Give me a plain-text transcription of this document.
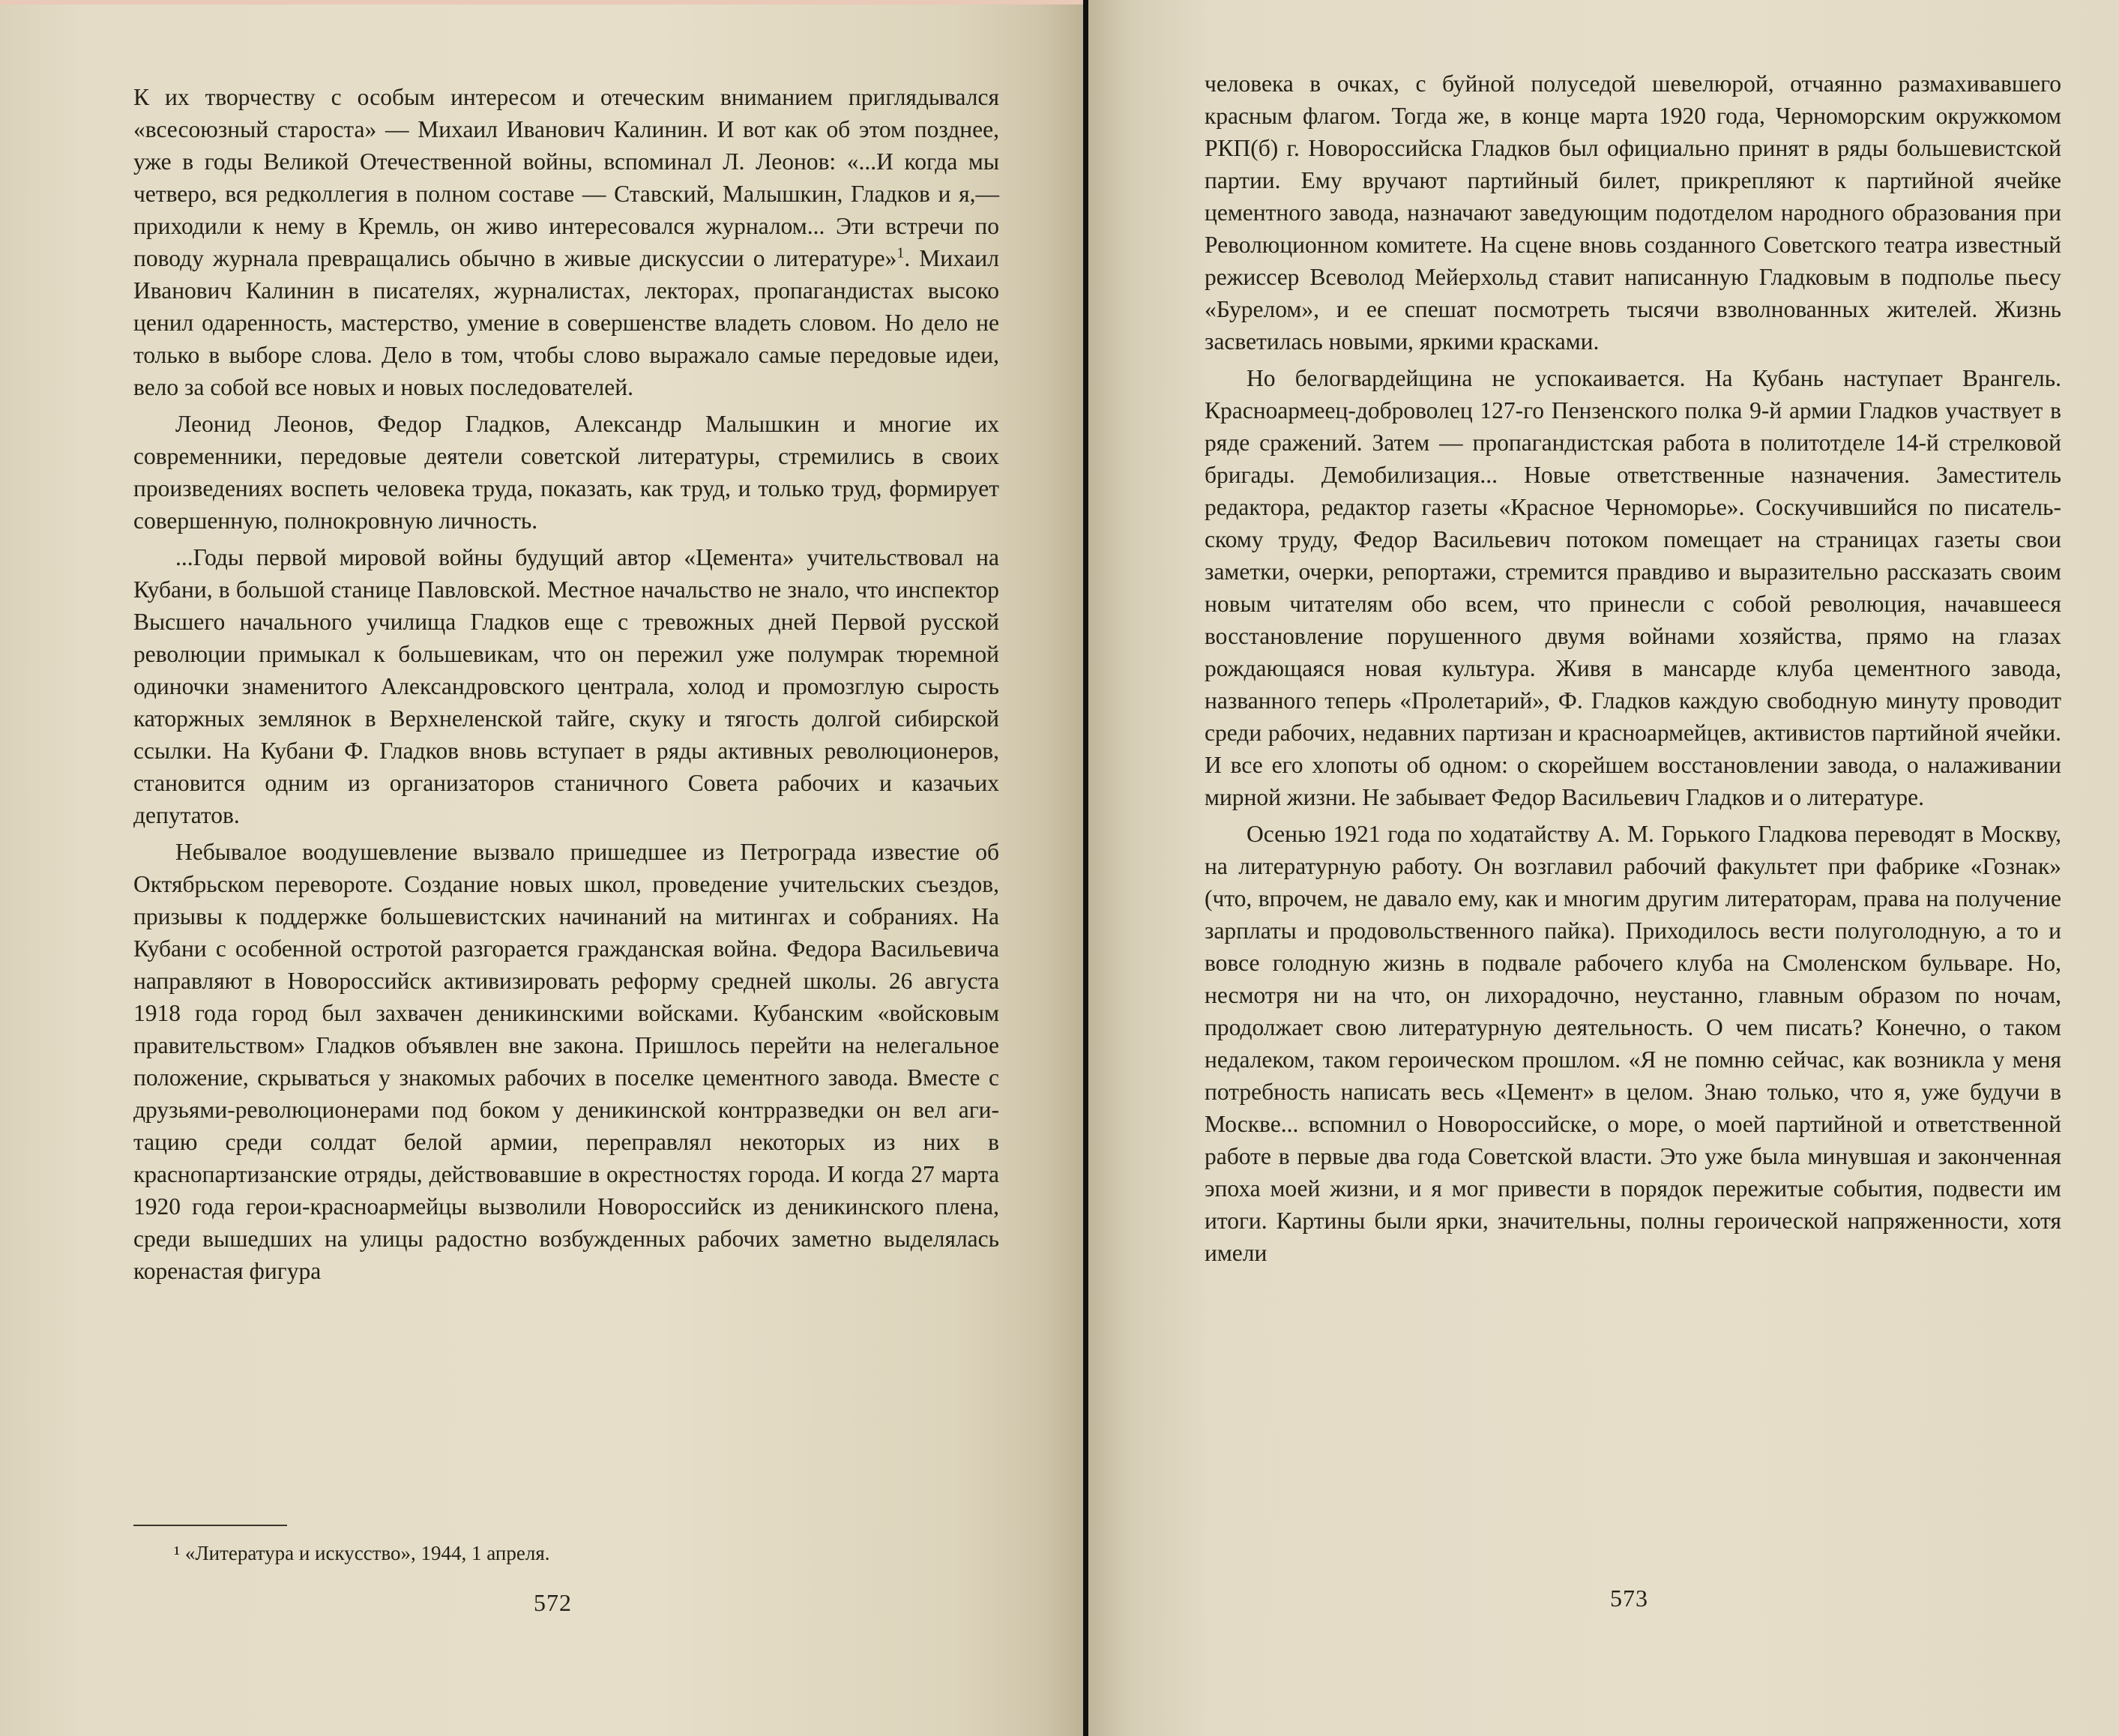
К их творчеству с особым интересом и отеческим вниманием приглядывался «всесоюзный староста» — Михаил Иванович Калинин. И вот как об этом позднее, уже в годы Великой Отечественной войны, вспоминал Л. Леонов: «...И когда мы четверо, вся редколлегия в полном составе — Ставский, Малышкин, Гладков и я,— приходили к нему в Кремль, он живо интересовался журналом... Эти встречи по поводу журнала превращались обычно в живые дискуссии о литературе»$^1$. Михаил Иванович Калинин в писателях, журналистах, лекторах, пропагандистах высоко ценил одаренность, мастерство, умение в совершенстве владеть словом. Но дело не только в выборе слова. Дело в том, чтобы слово выражало самые передовые идеи, вело за собой все новых и новых последователей.

Леонид Леонов, Федор Гладков, Александр Малышкин и многие их современники, передовые деятели советской литературы, стремились в своих произведениях воспеть человека труда, показать, как труд, и только труд, формирует совершенную, полнокровную личность.

...Годы первой мировой войны будущий автор «Цемента» учительствовал на Кубани, в большой станице Павловской. Местное начальство не знало, что инспектор Высшего начального училища Гладков еще с тревожных дней Первой русской революции примыкал к большевикам, что он пережил уже полумрак тюремной одиночки знаменитого Александровского централа, холод и промозглую сырость каторжных землянок в Верхнеленской тайге, скуку и тягость долгой сибирской ссылки. На Кубани Ф. Гладков вновь вступает в ряды активных революционеров, становится одним из организаторов станичного Совета рабочих и казачьих депутатов.

Небывалое воодушевление вызвало пришедшее из Петрограда известие об Октябрьском перевороте. Создание новых школ, проведение учительских съездов, призывы к поддержке большевистских начинаний на митингах и собраниях. На Кубани с особенной остротой разгорается гражданская война. Федора Васильевича направляют в Новороссийск активизировать реформу средней школы. 26 августа 1918 года город был захвачен деникинскими войсками. Кубанским «войсковым правительством» Гладков объявлен вне закона. Пришлось перейти на нелегальное положение, скрываться у знакомых рабочих в поселке цементного завода. Вместе с друзьями-революционерами под боком у деникинской контрразведки он вел агитацию среди солдат белой армии, переправлял некоторых из них в краснопартизанские отряды, действовавшие в окрестностях города. И когда 27 марта 1920 года герои-красноармейцы вызволили Новороссийск из деникинского плена, среди вышедших на улицы радостно возбужденных рабочих заметно выделялась коренастая фигура

¹ «Литература и искусство», 1944, 1 апреля.
572

человека в очках, с буйной полуседой шевелюрой, отчаянно размахивавшего красным флагом. Тогда же, в конце марта 1920 года, Черноморским окружкомом РКП(б) г. Новороссийска Гладков был официально принят в ряды большевистской партии. Ему вручают партийный билет, прикрепляют к партийной ячейке цементного завода, назначают заведующим подотделом народного образования при Революционном комитете. На сцене вновь созданного Советского театра известный режиссер Всеволод Мейерхольд ставит написанную Гладковым в подполье пьесу «Бурелом», и ее спешат посмотреть тысячи взволнованных жителей. Жизнь засветилась новыми, яркими красками.

Но белогвардейщина не успокаивается. На Кубань наступает Врангель. Красноармеец-доброволец 127-го Пензенского полка 9-й армии Гладков участвует в ряде сражений. Затем — пропагандистская работа в политотделе 14-й стрелковой бригады. Демобилизация... Новые ответственные назначения. Заместитель редактора, редактор газеты «Красное Черноморье». Соскучившийся по писательскому труду, Федор Васильевич потоком помещает на страницах газеты свои заметки, очерки, репортажи, стремится правдиво и выразительно рассказать своим новым читателям обо всем, что принесли с собой революция, начавшееся восстановление порушенного двумя войнами хозяйства, прямо на глазах рождающаяся новая культура. Живя в мансарде клуба цементного завода, названного теперь «Пролетарий», Ф. Гладков каждую свободную минуту проводит среди рабочих, недавних партизан и красноармейцев, активистов партийной ячейки. И все его хлопоты об одном: о скорейшем восстановлении завода, о налаживании мирной жизни. Не забывает Федор Васильевич Гладков и о литературе.

Осенью 1921 года по ходатайству А. М. Горького Гладкова переводят в Москву, на литературную работу. Он возглавил рабочий факультет при фабрике «Гознак» (что, впрочем, не давало ему, как и многим другим литераторам, права на получение зарплаты и продовольственного пайка). Приходилось вести полуголодную, а то и вовсе голодную жизнь в подвале рабочего клуба на Смоленском бульваре. Но, несмотря ни на что, он лихорадочно, неустанно, главным образом по ночам, продолжает свою литературную деятельность. О чем писать? Конечно, о таком недалеком, таком героическом прошлом. «Я не помню сейчас, как возникла у меня потребность написать весь «Цемент» в целом. Знаю только, что я, уже будучи в Москве... вспомнил о Новороссийске, о море, о моей партийной и ответственной работе в первые два года Советской власти. Это уже была минувшая и законченная эпоха моей жизни, и я мог привести в порядок пережитые события, подвести им итоги. Картины были ярки, значительны, полны героической напряженности, хотя имели

573
